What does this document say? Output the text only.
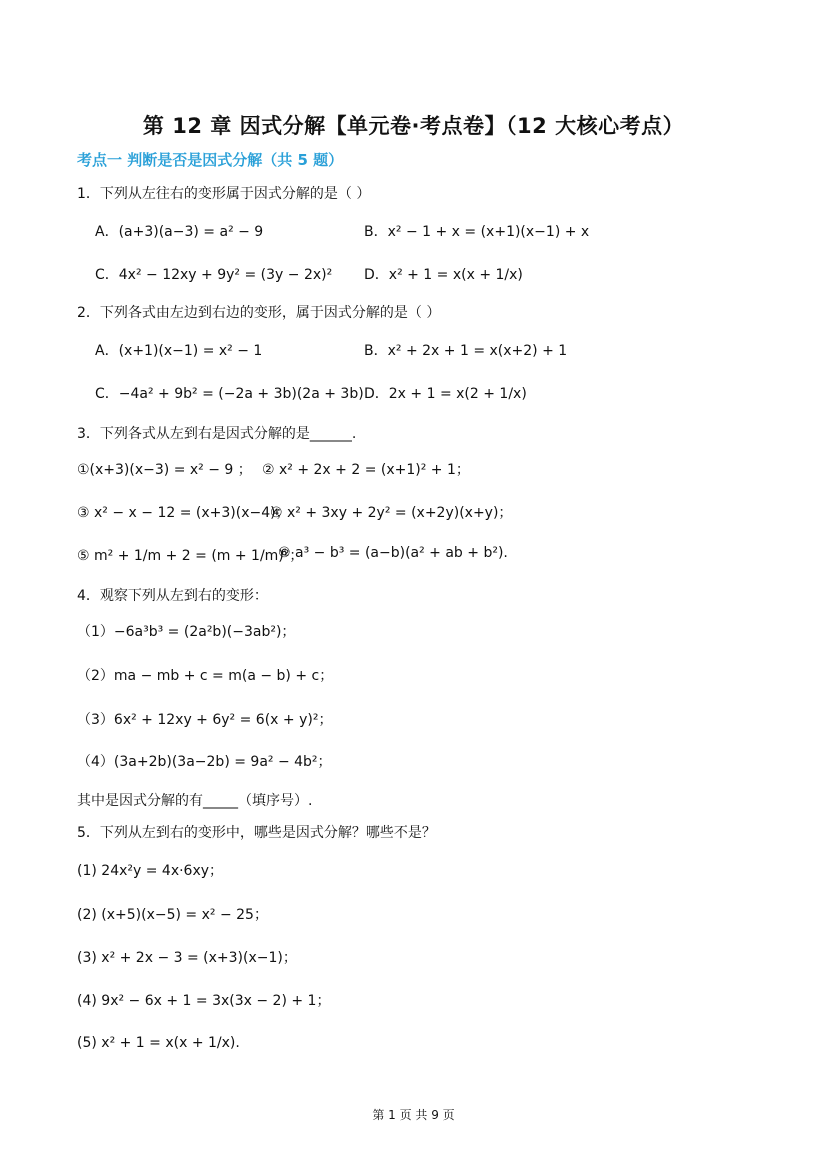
第 12 章 因式分解【单元卷·考点卷】（12 大核心考点）
考点一 判断是否是因式分解（共 5 题）
1．下列从左往右的变形属于因式分解的是（ ）
A．(a+3)(a−3) = a² − 9	B．x² − 1 + x = (x+1)(x−1) + x
C．4x² − 12xy + 9y² = (3y − 2x)² D．x² + 1 = x(x + 1/x)
2．下列各式由左边到右边的变形，属于因式分解的是（ ）
A．(x+1)(x−1) = x² − 1	B．x² + 2x + 1 = x(x+2) + 1
C．−4a² + 9b² = (−2a + 3b)(2a + 3b) D．2x + 1 = x(2 + 1/x)
3．下列各式从左到右是因式分解的是______.
①(x+3)(x−3) = x² − 9 ； ② x² + 2x + 2 = (x+1)² + 1；
③ x² − x − 12 = (x+3)(x−4)；
④ x² + 3xy + 2y² = (x+2y)(x+y)；
⑤ m² + 1/m + 2 = (m + 1/m)²；
⑥ a³ − b³ = (a−b)(a² + ab + b²).
4．观察下列从左到右的变形：
（1）−6a³b³ = (2a²b)(−3ab²)；
（2）ma − mb + c = m(a − b) + c；
（3）6x² + 12xy + 6y² = 6(x + y)²；
（4）(3a+2b)(3a−2b) = 9a² − 4b²；
其中是因式分解的有_____（填序号）.
5．下列从左到右的变形中，哪些是因式分解？哪些不是？
(1) 24x²y = 4x·6xy；
(2) (x+5)(x−5) = x² − 25；
(3) x² + 2x − 3 = (x+3)(x−1)；
(4) 9x² − 6x + 1 = 3x(3x − 2) + 1；
(5) x² + 1 = x(x + 1/x).
第 1 页 共 9 页
